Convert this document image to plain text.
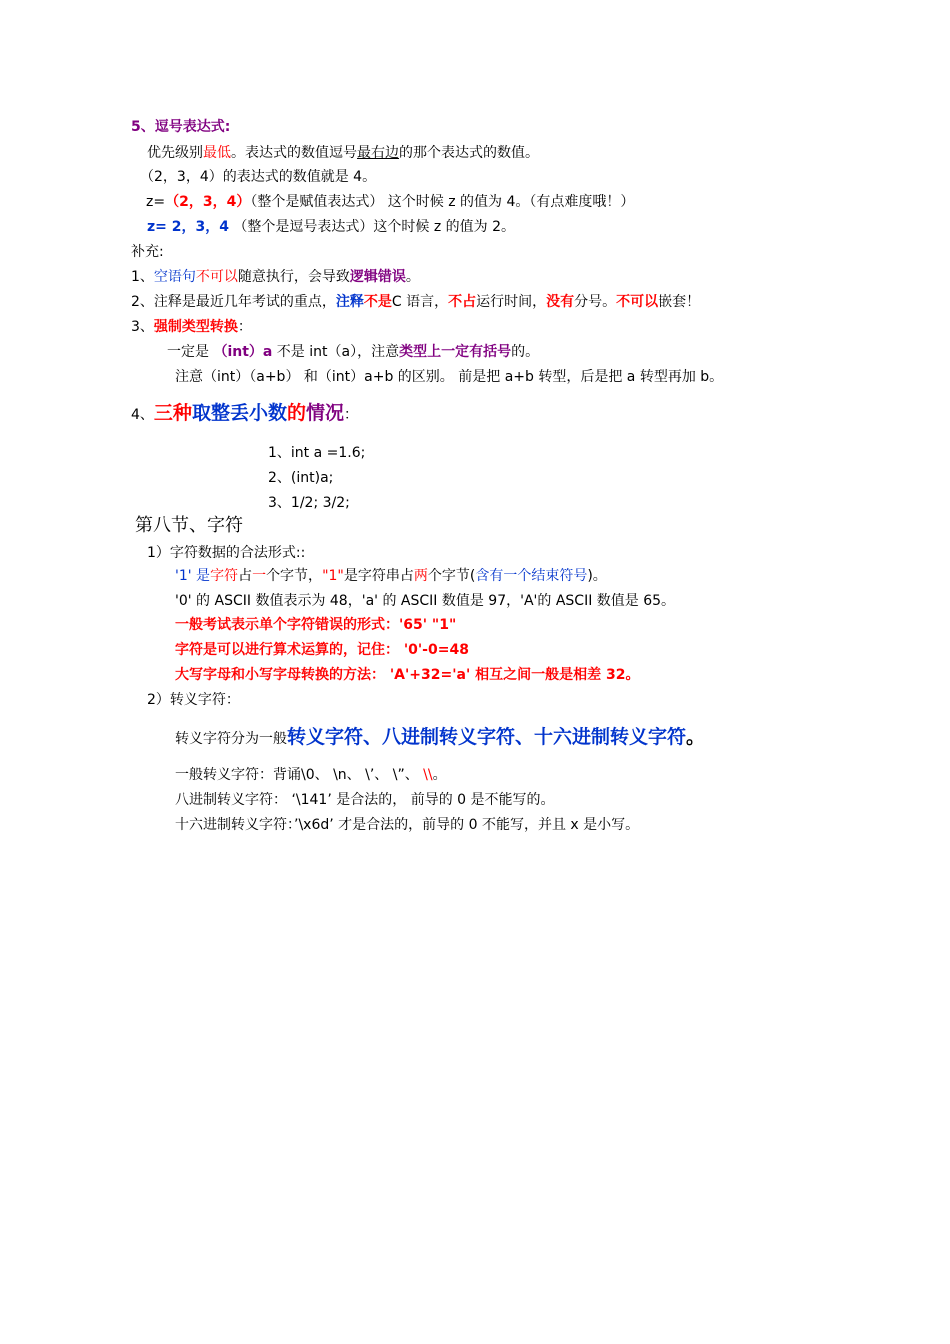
5、逗号表达式:
优先级别最低。表达式的数值逗号最右边的那个表达式的数值。
（2，3，4）的表达式的数值就是 4。
z=（2，3，4）（整个是赋值表达式） 这个时候 z 的值为 4。（有点难度哦！）
z= 2，3，4 （整个是逗号表达式）这个时候 z 的值为 2。
补充:
1、空语句不可以随意执行，会导致逻辑错误。
2、注释是最近几年考试的重点，注释不是C 语言，不占运行时间，没有分号。不可以嵌套！
3、强制类型转换：
一定是 （int）a 不是 int（a），注意类型上一定有括号的。
注意（int）（a+b） 和（int）a+b 的区别。 前是把 a+b 转型，后是把 a 转型再加 b。
4、三种取整丢小数的情况：
1、int a =1.6;
2、(int)a;
3、1/2; 3/2;
第八节、字符
1）字符数据的合法形式::
'1' 是字符占一个字节，"1"是字符串占两个字节(含有一个结束符号)。
'0' 的 ASCII 数值表示为 48，'a' 的 ASCII 数值是 97，'A'的 ASCII 数值是 65。
一般考试表示单个字符错误的形式：'65' "1"
字符是可以进行算术运算的，记住： '0'-0=48
大写字母和小写字母转换的方法： 'A'+32='a' 相互之间一般是相差 32。
2）转义字符：
转义字符分为一般转义字符、八进制转义字符、十六进制转义字符。
一般转义字符：背诵\0、 \n、 \’、 \”、 \\。
八进制转义字符： ‘\141’ 是合法的， 前导的 0 是不能写的。
十六进制转义字符：’\x6d’ 才是合法的，前导的 0 不能写，并且 x 是小写。
